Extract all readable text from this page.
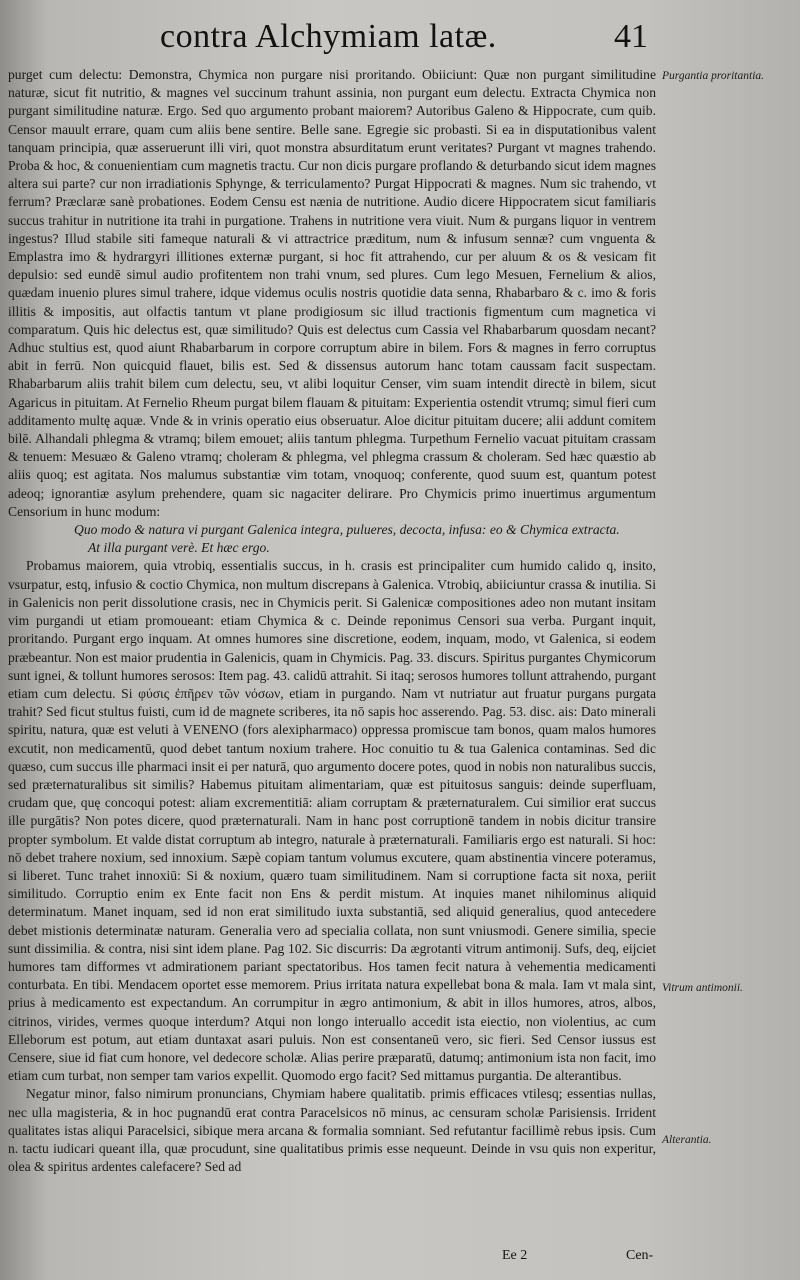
contra Alchymiam latæ.	41

purget cum delectu: Demonstra, Chymica non purgare nisi proritando. Obiiciunt: Quæ non purgant similitudine naturæ, sicut fit nutritio, & magnes vel succinum trahunt assinia, non purgant eum delectu. Extracta Chymica non purgant similitudine naturæ. Ergo. Sed quo argumento probant maiorem? Autoribus Galeno & Hippocrate, cum quib. Censor mauult errare, quam cum aliis bene sentire. Belle sane. Egregie sic probasti. Si ea in disputationibus valent tanquam principia, quæ asseruerunt illi viri, quot monstra absurditatum erunt veritates? Purgant vt magnes trahendo. Proba & hoc, & conuenientiam cum magnetis tractu. Cur non dicis purgare proflando & deturbando sicut idem magnes altera sui parte? cur non irradiationis Sphynge, & terriculamento? Purgat Hippocrati & magnes. Num sic trahendo, vt ferrum? Præclaræ sanè probationes. Eodem Censu est nænia de nutritione. Audio dicere Hippocratem sicut familiaris succus trahitur in nutritione ita trahi in purgatione. Trahens in nutritione vera viuit. Num & purgans liquor in ventrem ingestus? Illud stabile siti fameque naturali & vi attractrice præditum, num & infusum sennæ? cum vnguenta & Emplastra imo & hydrargyri illitiones externæ purgant, si hoc fit attrahendo, cur per aluum & os & vesicam fit depulsio: sed eundē simul audio profitentem non trahi vnum, sed plures. Cum lego Mesuen, Fernelium & alios, quædam inuenio plures simul trahere, idque videmus oculis nostris quotidie data senna, Rhabarbaro & c. imo & foris illitis & impositis, aut olfactis tantum vt plane prodigiosum sic illud tractionis figmentum cum magnetica vi comparatum. Quis hic delectus est, quæ similitudo? Quis est delectus cum Cassia vel Rhabarbarum quosdam necant? Adhuc stultius est, quod aiunt Rhabarbarum in corpore corruptum abire in bilem. Fors & magnes in ferro corruptus abit in ferrū. Non quicquid flauet, bilis est. Sed & dissensus autorum hanc totam caussam facit suspectam. Rhabarbarum aliis trahit bilem cum delectu, seu, vt alibi loquitur Censer, vim suam intendit directè in bilem, sicut Agaricus in pituitam. At Fernelio Rheum purgat bilem flauam & pituitam: Experientia ostendit vtrumq; simul fieri cum additamento multę aquæ. Vnde & in vrinis operatio eius obseruatur. Aloe dicitur pituitam ducere; alii addunt comitem bilē. Alhandali phlegma & vtramq; bilem emouet; aliis tantum phlegma. Turpethum Fernelio vacuat pituitam crassam & tenuem: Mesuæo & Galeno vtramq; choleram & phlegma, vel phlegma crassum & choleram. Sed hæc quæstio ab aliis quoq; est agitata. Nos malumus substantiæ vim totam, vnoquoq; conferente, quod suum est, quantum potest adeoq; ignorantiæ asylum prehendere, quam sic nagaciter delirare. Pro Chymicis primo inuertimus argumentum Censorium in hunc modum:

Quo modo & natura vi purgant Galenica integra, pulueres, decocta, infusa: eo & Chymica extracta.

At illa purgant verè. Et hæc ergo.

Probamus maiorem, quia vtrobiq, essentialis succus, in h. crasis est principaliter cum humido calido q, insito, vsurpatur, estq, infusio & coctio Chymica, non multum discrepans à Galenica. Vtrobiq, abiiciuntur crassa & inutilia. Si in Galenicis non perit dissolutione crasis, nec in Chymicis perit. Si Galenicæ compositiones adeo non mutant insitam vim purgandi ut etiam promoueant: etiam Chymica & c. Deinde reponimus Censori sua verba. Purgant inquit, proritando. Purgant ergo inquam. At omnes humores sine discretione, eodem, inquam, modo, vt Galenica, si eodem præbeantur. Non est maior prudentia in Galenicis, quam in Chymicis. Pag. 33. discurs. Spiritus purgantes Chymicorum sunt ignei, & tollunt humores serosos: Item pag. 43. calidū attrahit. Si itaq; serosos humores tollunt attrahendo, purgant etiam cum delectu. Si φύσις ἐπῆρεν τῶν νόσων, etiam in purgando. Nam vt nutriatur aut fruatur purgans purgata trahit? Sed ficut stultus fuisti, cum id de magnete scriberes, ita nō sapis hoc asserendo. Pag. 53. disc. ais: Dato minerali spiritu, natura, quæ est veluti à VENENO (fors alexipharmaco) oppressa promiscue tam bonos, quam malos humores excutit, non medicamentū, quod debet tantum noxium trahere. Hoc conuitio tu & tua Galenica contaminas. Sed dic quæso, cum succus ille pharmaci insit ei per naturā, quo argumento docere potes, quod in nobis non naturalibus succis, sed præternaturalibus sit similis? Habemus pituitam alimentariam, quæ est pituitosus sanguis: deinde superfluam, crudam que, quę concoqui potest: aliam excrementitiā: aliam corruptam & præternaturalem. Cui similior erat succus ille purgātis? Non potes dicere, quod præternaturali. Nam in hanc post corruptionē tandem in nobis dicitur transire propter symbolum. Et valde distat corruptum ab integro, naturale à præternaturali. Familiaris ergo est naturali. Si hoc: nō debet trahere noxium, sed innoxium. Sæpè copiam tantum volumus excutere, quam abstinentia vincere poteramus, si liberet. Tunc trahet innoxiū: Si & noxium, quæro tuam similitudinem. Nam si corruptione facta sit noxa, periit similitudo. Corruptio enim ex Ente facit non Ens & perdit mistum. At inquies manet nihilominus aliquid determinatum. Manet inquam, sed id non erat similitudo iuxta substantiā, sed aliquid generalius, quod antecedere debet mistionis determinatæ naturam. Generalia vero ad specialia collata, non sunt vniusmodi. Genere similia, specie sunt dissimilia. & contra, nisi sint idem plane. Pag 102. Sic discurris: Da ægrotanti vitrum antimonij. Sufs, deq, eijciet humores tam difformes vt admirationem pariant spectatoribus. Hos tamen fecit natura à vehementia medicamenti conturbata. En tibi. Mendacem oportet esse memorem. Prius irritata natura expellebat bona & mala. Iam vt mala sint, prius à medicamento est expectandum. An corrumpitur in ægro antimonium, & abit in illos humores, atros, albos, citrinos, virides, vermes quoque interdum? Atqui non longo interuallo accedit ista eiectio, non violentius, ac cum Elleborum est potum, aut etiam duntaxat asari puluis. Non est consentaneū vero, sic fieri. Sed Censor iussus est Censere, siue id fiat cum honore, vel dedecore scholæ. Alias perire præparatū, datumq; antimonium ista non facit, imo etiam cum turbat, non semper tam varios expellit. Quomodo ergo facit? Sed mittamus purgantia. De alterantibus.

Negatur minor, falso nimirum pronuncians, Chymiam habere qualitatib. primis efficaces vtilesq; essentias nullas, nec ulla magisteria, & in hoc pugnandū erat contra Paracelsicos nō minus, ac censuram scholæ Parisiensis. Irrident qualitates istas aliqui Paracelsici, sibique mera arcana & formalia somniant. Sed refutantur facillimè rebus ipsis. Cum n. tactu iudicari queant illa, quæ procudunt, sine qualitatibus primis esse nequeunt. Deinde in vsu quis non experitur, olea & spiritus ardentes calefacere? Sed ad

Purgantia proritantia.
Vitrum antimonii.
Alterantia.
Ee 2	Cen-
